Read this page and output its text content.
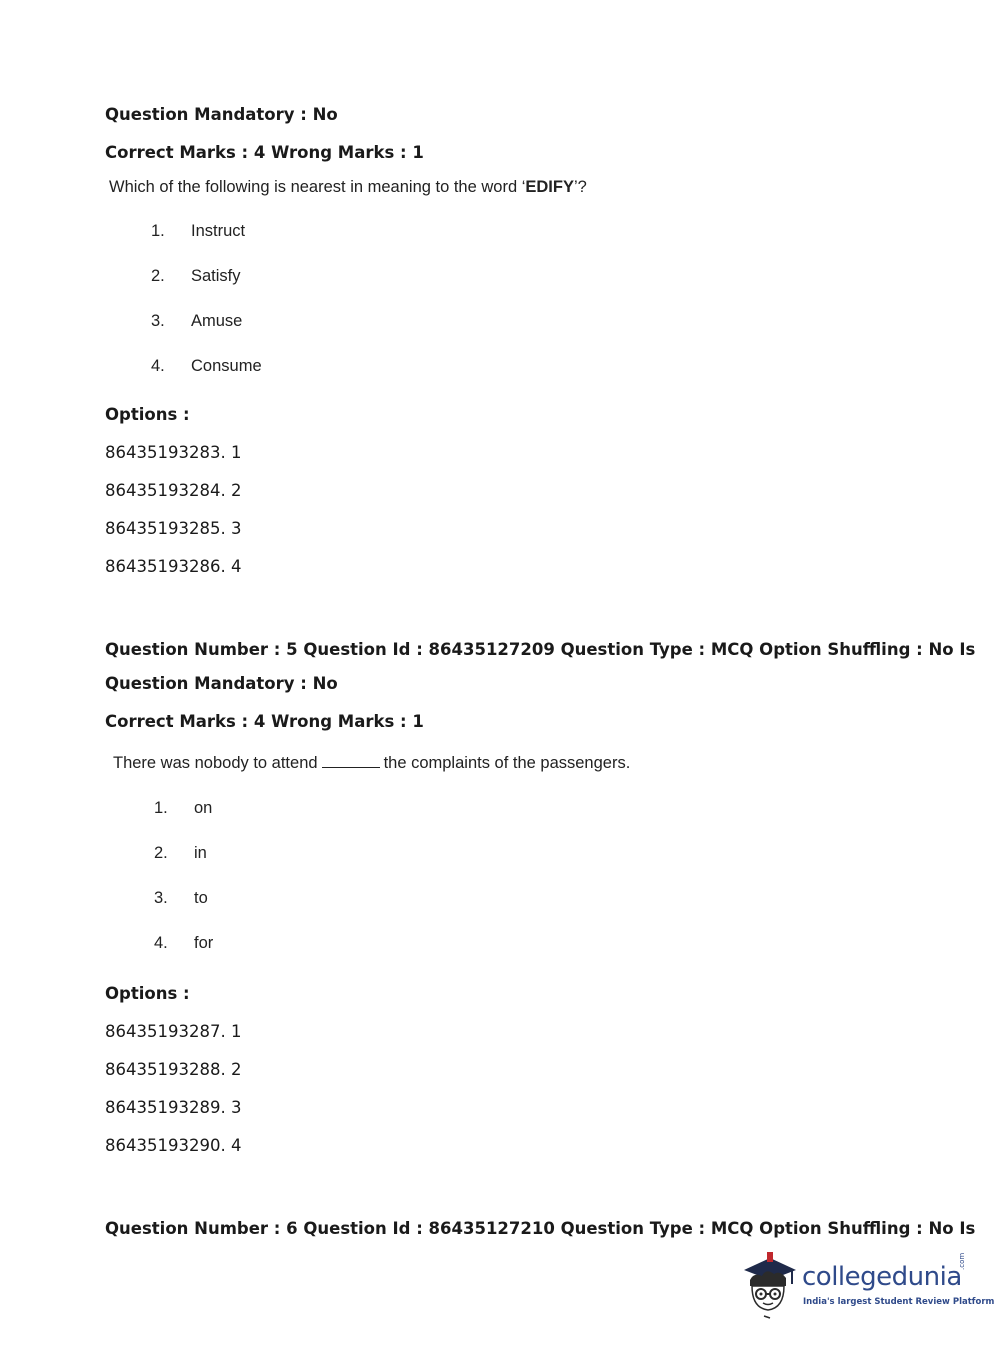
Question Mandatory : No
Correct Marks : 4 Wrong Marks : 1
Which of the following is nearest in meaning to the word ‘EDIFY’?
1. Instruct
2. Satisfy
3. Amuse
4. Consume
Options :
86435193283. 1
86435193284. 2
86435193285. 3
86435193286. 4
Question Number : 5 Question Id : 86435127209 Question Type : MCQ Option Shuffling : No Is
Question Mandatory : No
Correct Marks : 4 Wrong Marks : 1
There was nobody to attend	the complaints of the passengers.
1. on
2. in
3. to
4. for
Options :
86435193287. 1
86435193288. 2
86435193289. 3
86435193290. 4
Question Number : 6 Question Id : 86435127210 Question Type : MCQ Option Shuffling : No Is
collegedunia
.com
India's largest Student Review Platform
